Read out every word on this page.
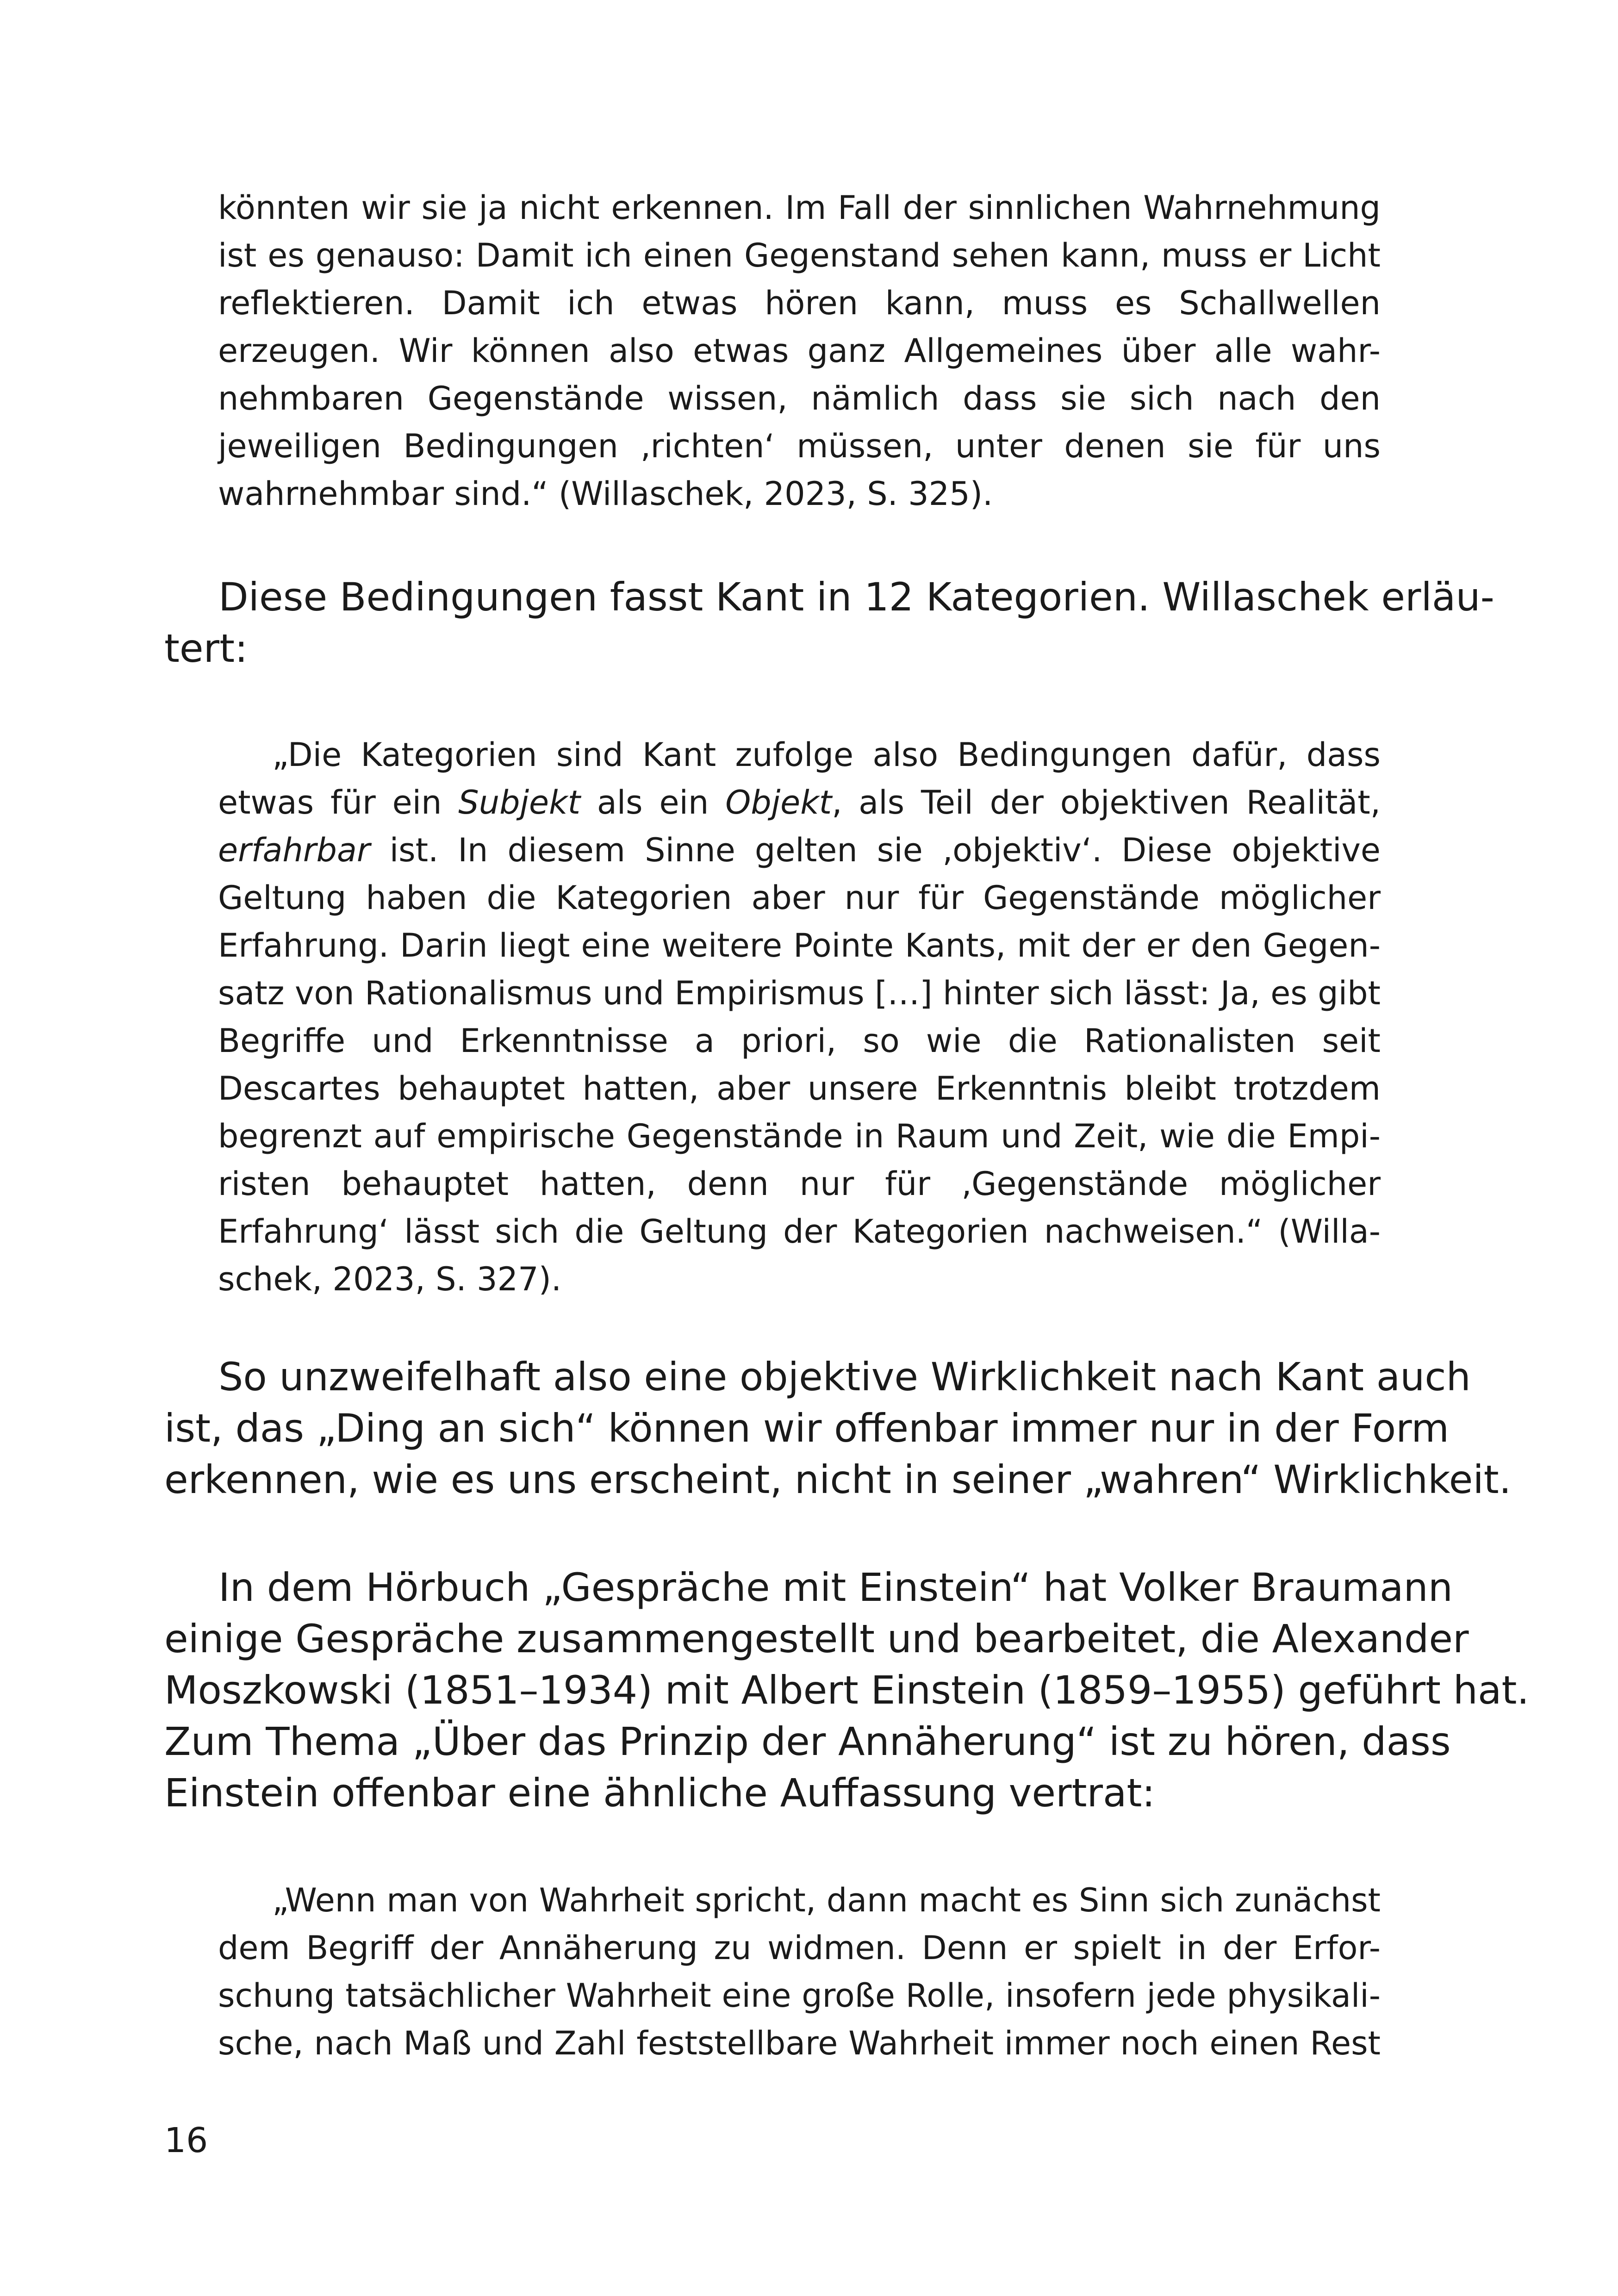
könnten wir sie ja nicht erkennen. Im Fall der sinnlichen Wahrnehmung
ist es genauso: Damit ich einen Gegenstand sehen kann, muss er Licht
reflektieren. Damit ich etwas hören kann, muss es Schallwellen
erzeugen. Wir können also etwas ganz Allgemeines über alle wahr-
nehmbaren Gegenstände wissen, nämlich dass sie sich nach den
jeweiligen Bedingungen ‚richten‘ müssen, unter denen sie für uns
wahrnehmbar sind.“ (Willaschek, 2023, S. 325).
Diese Bedingungen fasst Kant in 12 Kategorien. Willaschek erläu-
tert:
„Die Kategorien sind Kant zufolge also Bedingungen dafür, dass
etwas für ein Subjekt als ein Objekt, als Teil der objektiven Realität,
erfahrbar ist. In diesem Sinne gelten sie ‚objektiv‘. Diese objektive
Geltung haben die Kategorien aber nur für Gegenstände möglicher
Erfahrung. Darin liegt eine weitere Pointe Kants, mit der er den Gegen-
satz von Rationalismus und Empirismus […] hinter sich lässt: Ja, es gibt
Begriffe und Erkenntnisse a priori, so wie die Rationalisten seit
Descartes behauptet hatten, aber unsere Erkenntnis bleibt trotzdem
begrenzt auf empirische Gegenstände in Raum und Zeit, wie die Empi-
risten behauptet hatten, denn nur für ‚Gegenstände möglicher
Erfahrung‘ lässt sich die Geltung der Kategorien nachweisen.“ (Willa-
schek, 2023, S. 327).
So unzweifelhaft also eine objektive Wirklichkeit nach Kant auch
ist, das „Ding an sich“ können wir offenbar immer nur in der Form
erkennen, wie es uns erscheint, nicht in seiner „wahren“ Wirklichkeit.
In dem Hörbuch „Gespräche mit Einstein“ hat Volker Braumann
einige Gespräche zusammengestellt und bearbeitet, die Alexander
Moszkowski (1851–1934) mit Albert Einstein (1859–1955) geführt hat.
Zum Thema „Über das Prinzip der Annäherung“ ist zu hören, dass
Einstein offenbar eine ähnliche Auffassung vertrat:
„Wenn man von Wahrheit spricht, dann macht es Sinn sich zunächst
dem Begriff der Annäherung zu widmen. Denn er spielt in der Erfor-
schung tatsächlicher Wahrheit eine große Rolle, insofern jede physikali-
sche, nach Maß und Zahl feststellbare Wahrheit immer noch einen Rest
16
